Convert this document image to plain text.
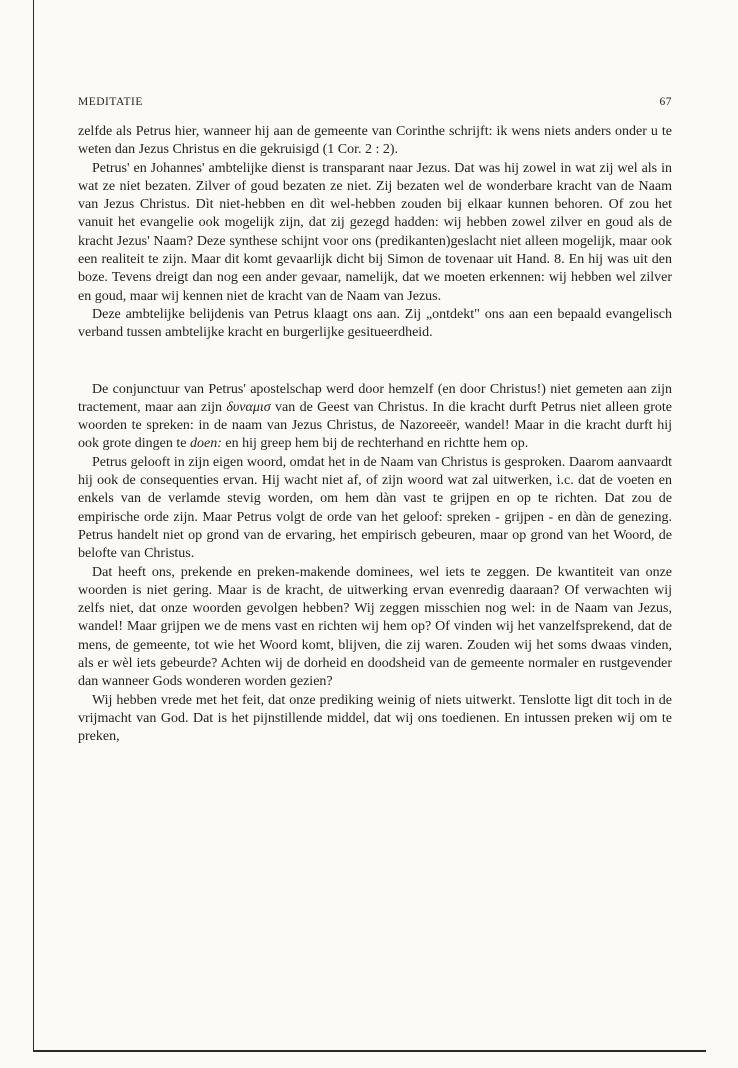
MEDITATIE	67

zelfde als Petrus hier, wanneer hij aan de gemeente van Corinthe schrijft: ik wens niets anders onder u te weten dan Jezus Christus en die gekruisigd (1 Cor. 2 : 2).

Petrus' en Johannes' ambtelijke dienst is transparant naar Jezus. Dat was hij zowel in wat zij wel als in wat ze niet bezaten. Zilver of goud bezaten ze niet. Zij bezaten wel de wonderbare kracht van de Naam van Jezus Christus. Dìt niet-hebben en dìt wel-hebben zouden bij elkaar kunnen behoren. Of zou het vanuit het evangelie ook mogelijk zijn, dat zij gezegd hadden: wij hebben zowel zilver en goud als de kracht Jezus' Naam? Deze synthese schijnt voor ons (predikanten)geslacht niet alleen mogelijk, maar ook een realiteit te zijn. Maar dit komt gevaarlijk dicht bij Simon de tovenaar uit Hand. 8. En hij was uit den boze. Tevens dreigt dan nog een ander gevaar, namelijk, dat we moeten erkennen: wij hebben wel zilver en goud, maar wij kennen niet de kracht van de Naam van Jezus.

Deze ambtelijke belijdenis van Petrus klaagt ons aan. Zij „ontdekt" ons aan een bepaald evangelisch verband tussen ambtelijke kracht en burgerlijke gesitueerdheid.

De conjunctuur van Petrus' apostelschap werd door hemzelf (en door Christus!) niet gemeten aan zijn tractement, maar aan zijn δυναμισ van de Geest van Christus. In die kracht durft Petrus niet alleen grote woorden te spreken: in de naam van Jezus Christus, de Nazoreeër, wandel! Maar in die kracht durft hij ook grote dingen te doen: en hij greep hem bij de rechterhand en richtte hem op.

Petrus gelooft in zijn eigen woord, omdat het in de Naam van Christus is gesproken. Daarom aanvaardt hij ook de consequenties ervan. Hij wacht niet af, of zijn woord wat zal uitwerken, i.c. dat de voeten en enkels van de verlamde stevig worden, om hem dàn vast te grijpen en op te richten. Dat zou de empirische orde zijn. Maar Petrus volgt de orde van het geloof: spreken - grijpen - en dàn de genezing. Petrus handelt niet op grond van de ervaring, het empirisch gebeuren, maar op grond van het Woord, de belofte van Christus.

Dat heeft ons, prekende en preken-makende dominees, wel iets te zeggen. De kwantiteit van onze woorden is niet gering. Maar is de kracht, de uitwerking ervan evenredig daaraan? Of verwachten wij zelfs niet, dat onze woorden gevolgen hebben? Wij zeggen misschien nog wel: in de Naam van Jezus, wandel! Maar grijpen we de mens vast en richten wij hem op? Of vinden wij het vanzelfsprekend, dat de mens, de gemeente, tot wie het Woord komt, blijven, die zij waren. Zouden wij het soms dwaas vinden, als er wèl iets gebeurde? Achten wij de dorheid en doodsheid van de gemeente normaler en rustgevender dan wanneer Gods wonderen worden gezien?

Wij hebben vrede met het feit, dat onze prediking weinig of niets uitwerkt. Tenslotte ligt dit toch in de vrijmacht van God. Dat is het pijnstillende middel, dat wij ons toedienen. En intussen preken wij om te preken,
